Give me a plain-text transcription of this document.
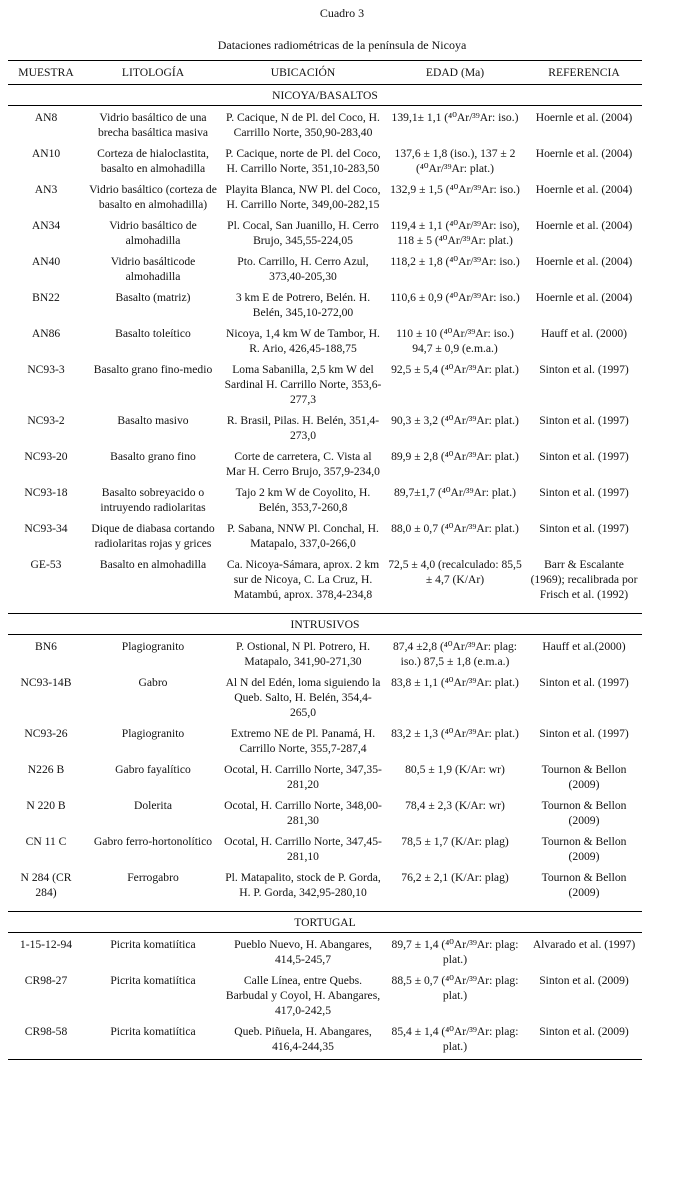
Cuadro 3
Dataciones radiométricas de la península de Nicoya
MUESTRA	LITOLOGÍA	UBICACIÓN	EDAD (Ma)	REFERENCIA
NICOYA/BASALTOS				
AN8	Vidrio basáltico de una brecha basáltica masiva	P. Cacique, N de Pl. del Coco, H. Carrillo Norte, 350,90-283,40	139,1± 1,1 (⁴⁰Ar/³⁹Ar: iso.)	Hoernle et al. (2004)
AN10	Corteza de hialoclastita, basalto en almohadilla	P. Cacique, norte de Pl. del Coco, H. Carrillo Norte, 351,10-283,50	137,6 ± 1,8 (iso.), 137 ± 2 (⁴⁰Ar/³⁹Ar: plat.)	Hoernle et al. (2004)
AN3	Vidrio basáltico (corteza de basalto en almohadilla)	Playita Blanca, NW Pl. del Coco, H. Carrillo Norte, 349,00-282,15	132,9 ± 1,5 (⁴⁰Ar/³⁹Ar: iso.)	Hoernle et al. (2004)
AN34	Vidrio basáltico de almohadilla	Pl. Cocal, San Juanillo, H. Cerro Brujo, 345,55-224,05	119,4 ± 1,1 (⁴⁰Ar/³⁹Ar: iso), 118 ± 5 (⁴⁰Ar/³⁹Ar: plat.)	Hoernle et al. (2004)
AN40	Vidrio basálticode almohadilla	Pto. Carrillo, H. Cerro Azul, 373,40-205,30	118,2 ± 1,8 (⁴⁰Ar/³⁹Ar: iso.)	Hoernle et al. (2004)
BN22	Basalto (matriz)	3 km E de Potrero, Belén. H. Belén, 345,10-272,00	110,6 ± 0,9 (⁴⁰Ar/³⁹Ar: iso.)	Hoernle et al. (2004)
AN86	Basalto toleítico	Nicoya, 1,4 km W de Tambor, H. R. Ario, 426,45-188,75	110 ± 10 (⁴⁰Ar/³⁹Ar: iso.) 94,7 ± 0,9 (e.m.a.)	Hauff et al. (2000)
NC93-3	Basalto grano fino-medio	Loma Sabanilla, 2,5 km W del Sardinal H. Carrillo Norte, 353,6-277,3	92,5 ± 5,4 (⁴⁰Ar/³⁹Ar: plat.)	Sinton et al. (1997)
NC93-2	Basalto masivo	R. Brasil, Pilas. H. Belén, 351,4-273,0	90,3 ± 3,2 (⁴⁰Ar/³⁹Ar: plat.)	Sinton et al. (1997)
NC93-20	Basalto grano fino	Corte de carretera, C. Vista al Mar H. Cerro Brujo, 357,9-234,0	89,9 ± 2,8 (⁴⁰Ar/³⁹Ar: plat.)	Sinton et al. (1997)
NC93-18	Basalto sobreyacido o intruyendo radiolaritas	Tajo 2 km W de Coyolito, H. Belén, 353,7-260,8	89,7±1,7 (⁴⁰Ar/³⁹Ar: plat.)	Sinton et al. (1997)
NC93-34	Dique de diabasa cortando radiolaritas rojas y grices	P. Sabana, NNW Pl. Conchal, H. Matapalo, 337,0-266,0	88,0 ± 0,7 (⁴⁰Ar/³⁹Ar: plat.)	Sinton et al. (1997)
GE-53	Basalto en almohadilla	Ca. Nicoya-Sámara, aprox. 2 km sur de Nicoya, C. La Cruz, H. Matambú, aprox. 378,4-234,8	72,5 ± 4,0 (recalculado: 85,5 ± 4,7 (K/Ar)	Barr & Escalante (1969); recalibrada por Frisch et al. (1992)

INTRUSIVOS				
BN6	Plagiogranito	P. Ostional, N Pl. Potrero, H. Matapalo, 341,90-271,30	87,4 ±2,8 (⁴⁰Ar/³⁹Ar: plag: iso.) 87,5 ± 1,8 (e.m.a.)	Hauff et al.(2000)
NC93-14B	Gabro	Al N del Edén, loma siguiendo la Queb. Salto, H. Belén, 354,4-265,0	83,8 ± 1,1 (⁴⁰Ar/³⁹Ar: plat.)	Sinton et al. (1997)
NC93-26	Plagiogranito	Extremo NE de Pl. Panamá, H. Carrillo Norte, 355,7-287,4	83,2 ± 1,3 (⁴⁰Ar/³⁹Ar: plat.)	Sinton et al. (1997)
N226 B	Gabro fayalítico	Ocotal, H. Carrillo Norte, 347,35-281,20	80,5 ± 1,9 (K/Ar: wr)	Tournon & Bellon (2009)
N 220 B	Dolerita	Ocotal, H. Carrillo Norte, 348,00-281,30	78,4 ± 2,3 (K/Ar: wr)	Tournon & Bellon (2009)
CN 11 C	Gabro ferro-hortonolítico	Ocotal, H. Carrillo Norte, 347,45-281,10	78,5 ± 1,7 (K/Ar: plag)	Tournon & Bellon (2009)
N 284 (CR 284)	Ferrogabro	Pl. Matapalito, stock de P. Gorda, H. P. Gorda, 342,95-280,10	76,2 ± 2,1 (K/Ar: plag)	Tournon & Bellon (2009)

TORTUGAL				
1-15-12-94	Picrita komatiítica	Pueblo Nuevo, H. Abangares, 414,5-245,7	89,7 ± 1,4 (⁴⁰Ar/³⁹Ar: plag: plat.)	Alvarado et al. (1997)
CR98-27	Picrita komatiítica	Calle Línea, entre Quebs. Barbudal y Coyol, H. Abangares, 417,0-242,5	88,5 ± 0,7 (⁴⁰Ar/³⁹Ar: plag: plat.)	Sinton et al. (2009)
CR98-58	Picrita komatiítica	Queb. Piñuela, H. Abangares, 416,4-244,35	85,4 ± 1,4 (⁴⁰Ar/³⁹Ar: plag: plat.)	Sinton et al. (2009)
